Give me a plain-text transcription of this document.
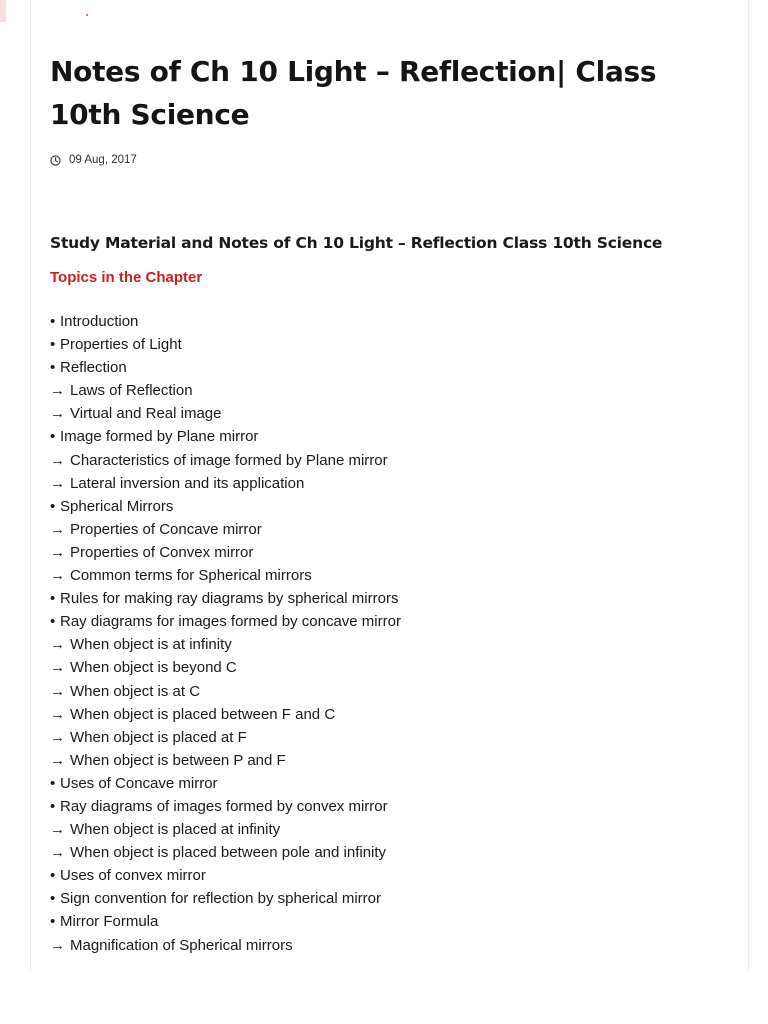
Notes of Ch 10 Light – Reflection| Class 10th Science
09 Aug, 2017
Study Material and Notes of Ch 10 Light – Reflection Class 10th Science
Topics in the Chapter
• Introduction
• Properties of Light
• Reflection
→ Laws of Reflection
→ Virtual and Real image
• Image formed by Plane mirror
→ Characteristics of image formed by Plane mirror
→ Lateral inversion and its application
• Spherical Mirrors
→ Properties of Concave mirror
→ Properties of Convex mirror
→ Common terms for Spherical mirrors
• Rules for making ray diagrams by spherical mirrors
• Ray diagrams for images formed by concave mirror
→ When object is at infinity
→ When object is beyond C
→ When object is at C
→ When object is placed between F and C
→ When object is placed at F
→ When object is between P and F
• Uses of Concave mirror
• Ray diagrams of images formed by convex mirror
→ When object is placed at infinity
→ When object is placed between pole and infinity
• Uses of convex mirror
• Sign convention for reflection by spherical mirror
• Mirror Formula
→ Magnification of Spherical mirrors
